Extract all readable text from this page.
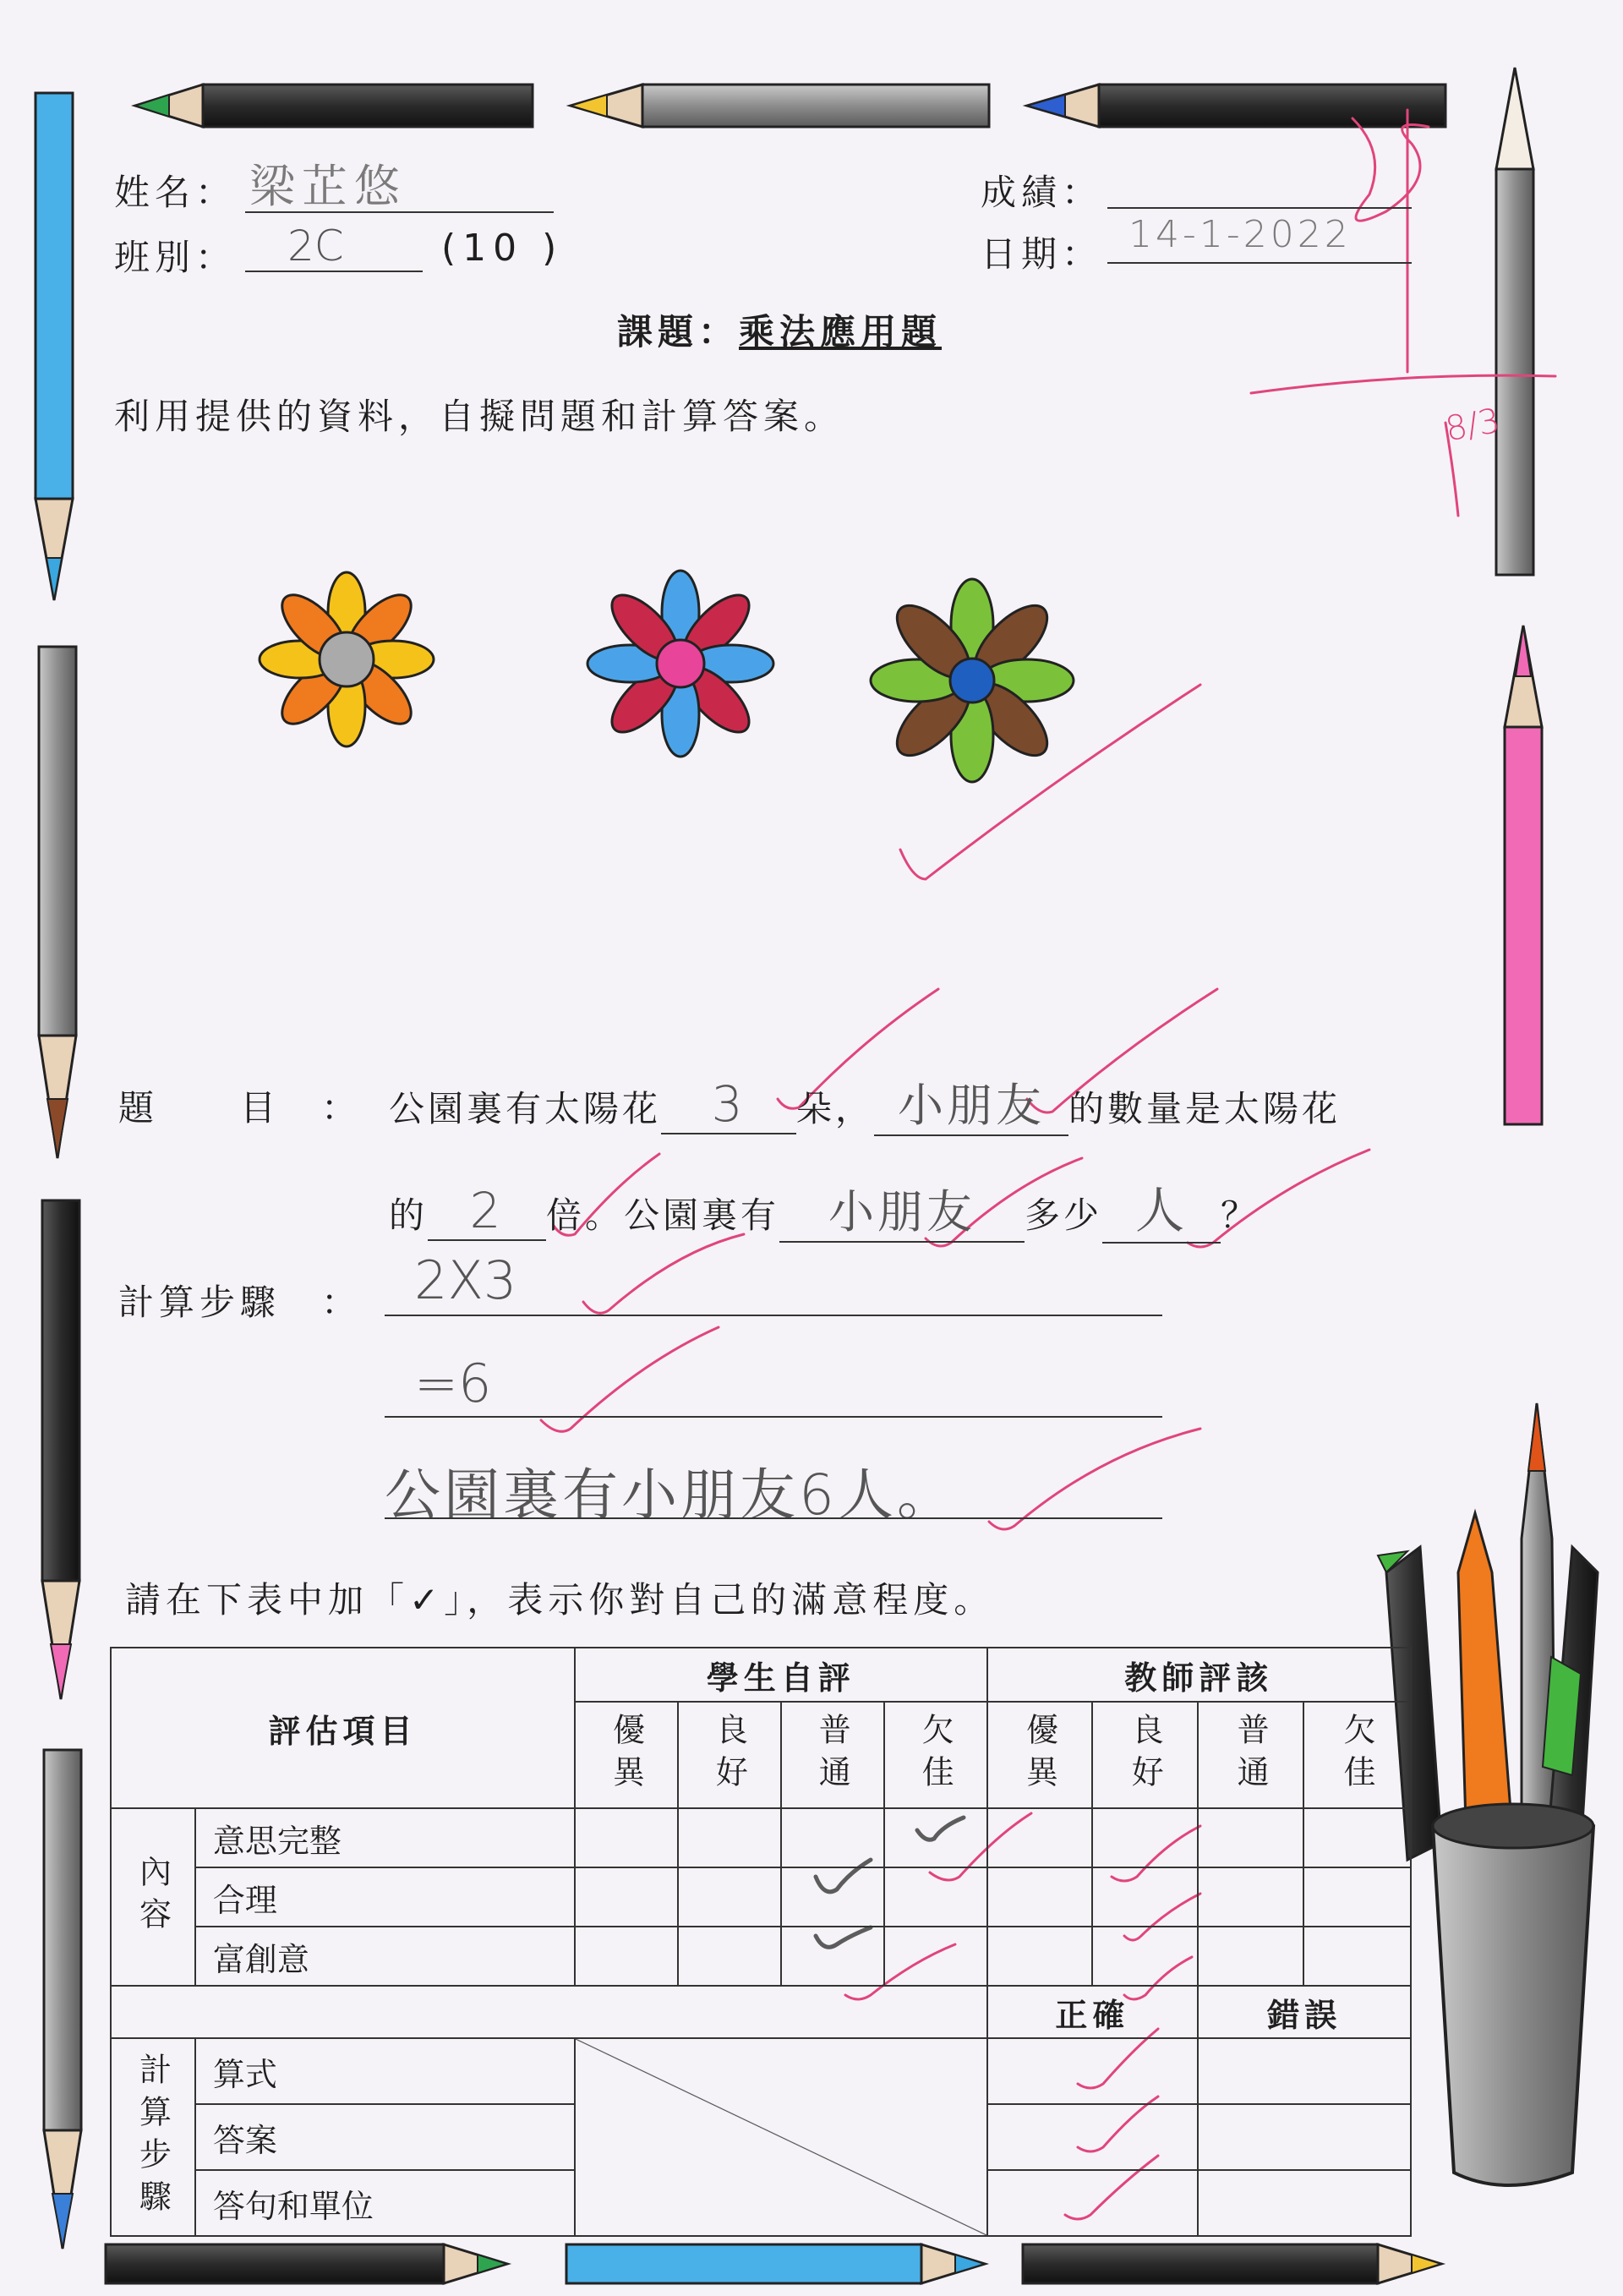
姓名： 梁芷悠
班別： 2C	(10 )
成績：
日期： 14-1-2022
8/3
課題：乘法應用題
利用提供的資料，自擬問題和計算答案。
題　　目　： 公園裏有太陽花 3 朵， 小朋友 的數量是太陽花
的 2 倍。公園裏有 小朋友 多少 人 ？
計算步驟　： 2X3
=6
公園裏有小朋友6人。
請在下表中加「✓」，表示你對自己的滿意程度。
評估項目		學生自評				教師評該			
		優異	良好	普通	欠佳	優異	良好	普通	欠佳
內容	意思完整								
	合理								
	富創意								
						正確		錯誤	
計算步驟	算式								
	答案								
	答句和單位								
